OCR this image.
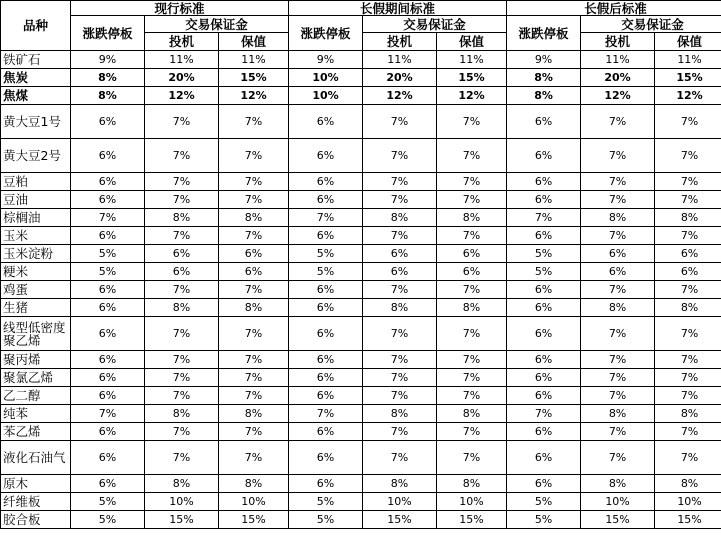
品种	现行标准			长假期间标准			长假后标准		
	涨跌停板	交易保证金		涨跌停板	交易保证金		涨跌停板	交易保证金	
		投机	保值		投机	保值		投机	保值
铁矿石	9%	11%	11%	9%	11%	11%	9%	11%	11%
焦炭	8%	20%	15%	10%	20%	15%	8%	20%	15%
焦煤	8%	12%	12%	10%	12%	12%	8%	12%	12%
黄大豆1号	6%	7%	7%	6%	7%	7%	6%	7%	7%
黄大豆2号	6%	7%	7%	6%	7%	7%	6%	7%	7%
豆粕	6%	7%	7%	6%	7%	7%	6%	7%	7%
豆油	6%	7%	7%	6%	7%	7%	6%	7%	7%
棕榈油	7%	8%	8%	7%	8%	8%	7%	8%	8%
玉米	6%	7%	7%	6%	7%	7%	6%	7%	7%
玉米淀粉	5%	6%	6%	5%	6%	6%	5%	6%	6%
粳米	5%	6%	6%	5%	6%	6%	5%	6%	6%
鸡蛋	6%	7%	7%	6%	7%	7%	6%	7%	7%
生猪	6%	8%	8%	6%	8%	8%	6%	8%	8%
线型低密度聚乙烯	6%	7%	7%	6%	7%	7%	6%	7%	7%
聚丙烯	6%	7%	7%	6%	7%	7%	6%	7%	7%
聚氯乙烯	6%	7%	7%	6%	7%	7%	6%	7%	7%
乙二醇	6%	7%	7%	6%	7%	7%	6%	7%	7%
纯苯	7%	8%	8%	7%	8%	8%	7%	8%	8%
苯乙烯	6%	7%	7%	6%	7%	7%	6%	7%	7%
液化石油气	6%	7%	7%	6%	7%	7%	6%	7%	7%
原木	6%	8%	8%	6%	8%	8%	6%	8%	8%
纤维板	5%	10%	10%	5%	10%	10%	5%	10%	10%
胶合板	5%	15%	15%	5%	15%	15%	5%	15%	15%
